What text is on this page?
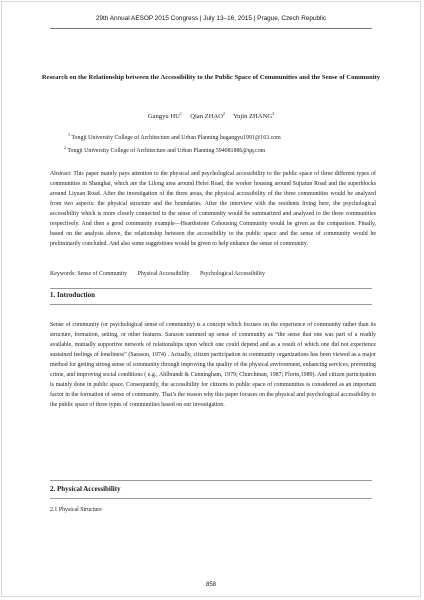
29th Annual AESOP 2015 Congress | July 13–16, 2015 | Prague, Czech Republic
Research on the Relationship between the Accessibility to the Public Space of Communities and the Sense of Community
Gangyu $HU^1$ Qian ZHAO$^2$ Yujin ZHANG$^2$
$^1$ Tongji University College of Architecture and Urban Planning hugangyu1991@163.com
$^2$ Tongji University College of Architecture and Urban Planning 594081886@qq.com
Abstract: This paper mainly pays attention to the physical and psychological accessibility to the public space of three different types of communities in Shanghai, which are the Lilong area around Hefei Road, the worker housing around Sujiatun Road and the superblocks around Liyuan Road. After the investigation of the three areas, the physical accessibility of the three communities would be analyzed from two aspects: the physical structure and the boundaries. After the interview with the residents living here, the psychological accessibility which is more closely connected to the sense of community would be summarized and analyzed to the three communities respectively. And then a good community example—Hearthstone Cohousing Community would be given as the comparison. Finally, based on the analysis above, the relationship between the accessibility to the public space and the sense of community would be preliminarily concluded. And also some suggestions would be given to help enhance the sense of community.
Keywords: Sense of Community Physical Accessibility Psychological Accessibility
1. Introduction
Sense of community (or psychological sense of community) is a concept which focuses on the experience of community rather than its structure, formation, setting, or other features. Sarason summed up sense of community as “the sense that one was part of a readily available, mutually supportive network of relationships upon which one could depend and as a result of which one did not experience sustained feelings of loneliness” (Sarason, 1974) . Actually, citizen participation in community organizations has been viewed as a major method for getting strong sense of community through improving the quality of the physical environment, enhancing services, preventing crime, and improving social conditions ( e.g., Ahlbrandt & Cunningham, 1979; Churchman, 1987; Florin,1989). And citizen participation is mainly done in public space. Consequently, the accessibility for citizens to public space of communities is considered as an important factor in the formation of sense of community. That’s the reason why this paper focuses on the physical and psychological accessibility to the public space of three types of communities based on our investigation.
2. Physical Accessibility
2.1 Physical Structure
858
